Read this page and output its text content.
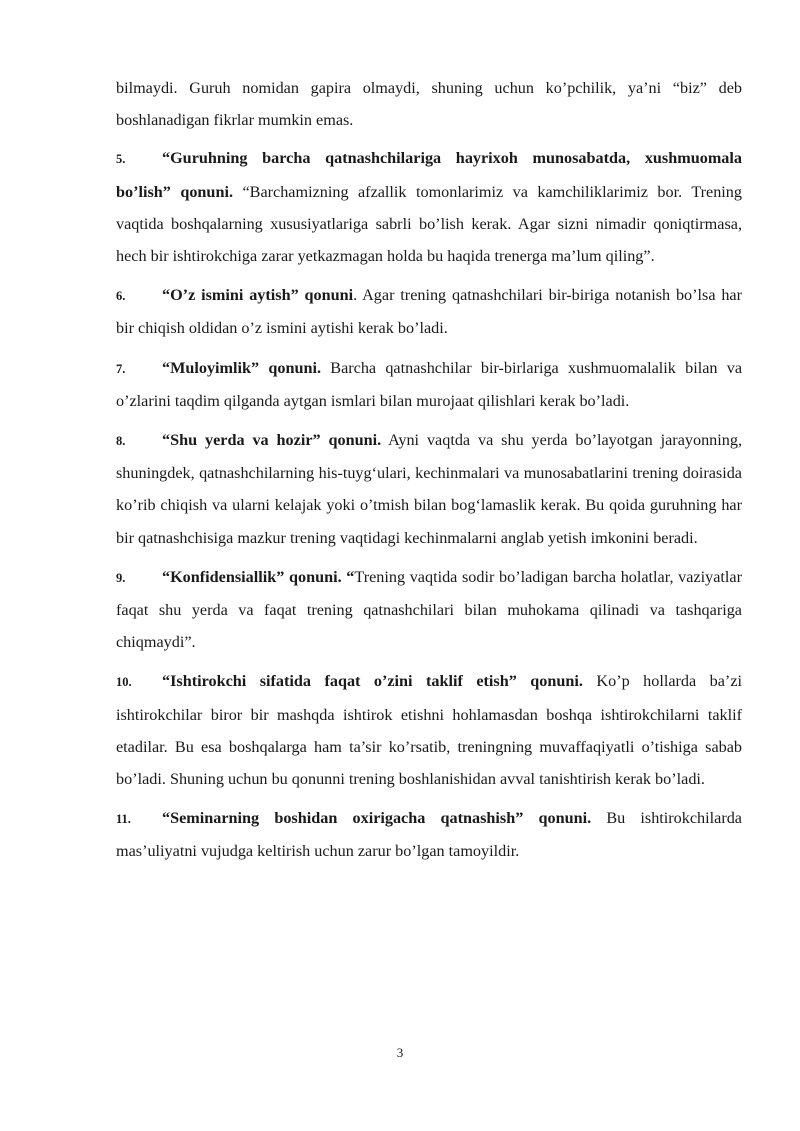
bilmaydi. Guruh nomidan gapira olmaydi, shuning uchun ko’pchilik, ya’ni “biz” deb boshlanadigan fikrlar mumkin emas.

5. “Guruhning barcha qatnashchilariga hayrixoh munosabatda, xushmuomala bo’lish” qonuni. “Barchamizning afzallik tomonlarimiz va kamchiliklarimiz bor. Trening vaqtida boshqalarning xususiyatlariga sabrli bo’lish kerak. Agar sizni nimadir qoniqtirmasa, hech bir ishtirokchiga zarar yetkazmagan holda bu haqida trenerga ma’lum qiling”.

6. “O’z ismini aytish” qonuni. Agar trening qatnashchilari bir-biriga notanish bo’lsa har bir chiqish oldidan o’z ismini aytishi kerak bo’ladi.

7. “Muloyimlik” qonuni. Barcha qatnashchilar bir-birlariga xushmuomalalik bilan va o’zlarini taqdim qilganda aytgan ismlari bilan murojaat qilishlari kerak bo’ladi.

8. “Shu yerda va hozir” qonuni. Ayni vaqtda va shu yerda bo’layotgan jarayonning, shuningdek, qatnashchilarning his-tuyg‘ulari, kechinmalari va munosabatlarini trening doirasida ko’rib chiqish va ularni kelajak yoki o’tmish bilan bog‘lamaslik kerak. Bu qoida guruhning har bir qatnashchisiga mazkur trening vaqtidagi kechinmalarni anglab yetish imkonini beradi.

9. “Konfidensiallik” qonuni. “Trening vaqtida sodir bo’ladigan barcha holatlar, vaziyatlar faqat shu yerda va faqat trening qatnashchilari bilan muhokama qilinadi va tashqariga chiqmaydi”.

10. “Ishtirokchi sifatida faqat o’zini taklif etish” qonuni. Ko’p hollarda ba’zi ishtirokchilar biror bir mashqda ishtirok etishni hohlamasdan boshqa ishtirokchilarni taklif etadilar. Bu esa boshqalarga ham ta’sir ko’rsatib, treningning muvaffaqiyatli o’tishiga sabab bo’ladi. Shuning uchun bu qonunni trening boshlanishidan avval tanishtirish kerak bo’ladi.

11. “Seminarning boshidan oxirigacha qatnashish” qonuni. Bu ishtirokchilarda mas’uliyatni vujudga keltirish uchun zarur bo’lgan tamoyildir.

3
